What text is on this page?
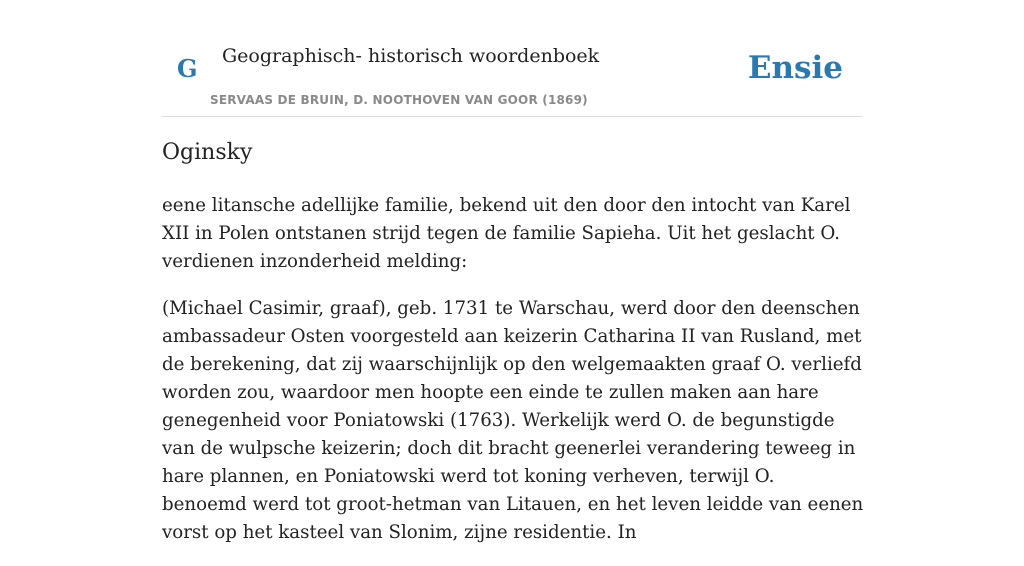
G Geographisch- historisch woordenboek
SERVAAS DE BRUIN, D. NOOTHOVEN VAN GOOR (1869)
Ensie
Oginsky

eene litansche adellijke familie, bekend uit den door den intocht van Karel XII in Polen ontstanen strijd tegen de familie Sapieha. Uit het geslacht O. verdienen inzonderheid melding:

(Michael Casimir, graaf), geb. 1731 te Warschau, werd door den deenschen ambassadeur Osten voorgesteld aan keizerin Catharina II van Rusland, met de berekening, dat zij waarschijnlijk op den welgemaakten graaf O. verliefd worden zou, waardoor men hoopte een einde te zullen maken aan hare genegenheid voor Poniatowski (1763). Werkelijk werd O. de begunstigde van de wulpsche keizerin; doch dit bracht geenerlei verandering teweeg in hare plannen, en Poniatowski werd tot koning verheven, terwijl O. benoemd werd tot groot-hetman van Litauen, en het leven leidde van eenen vorst op het kasteel van Slonim, zijne residentie. In
